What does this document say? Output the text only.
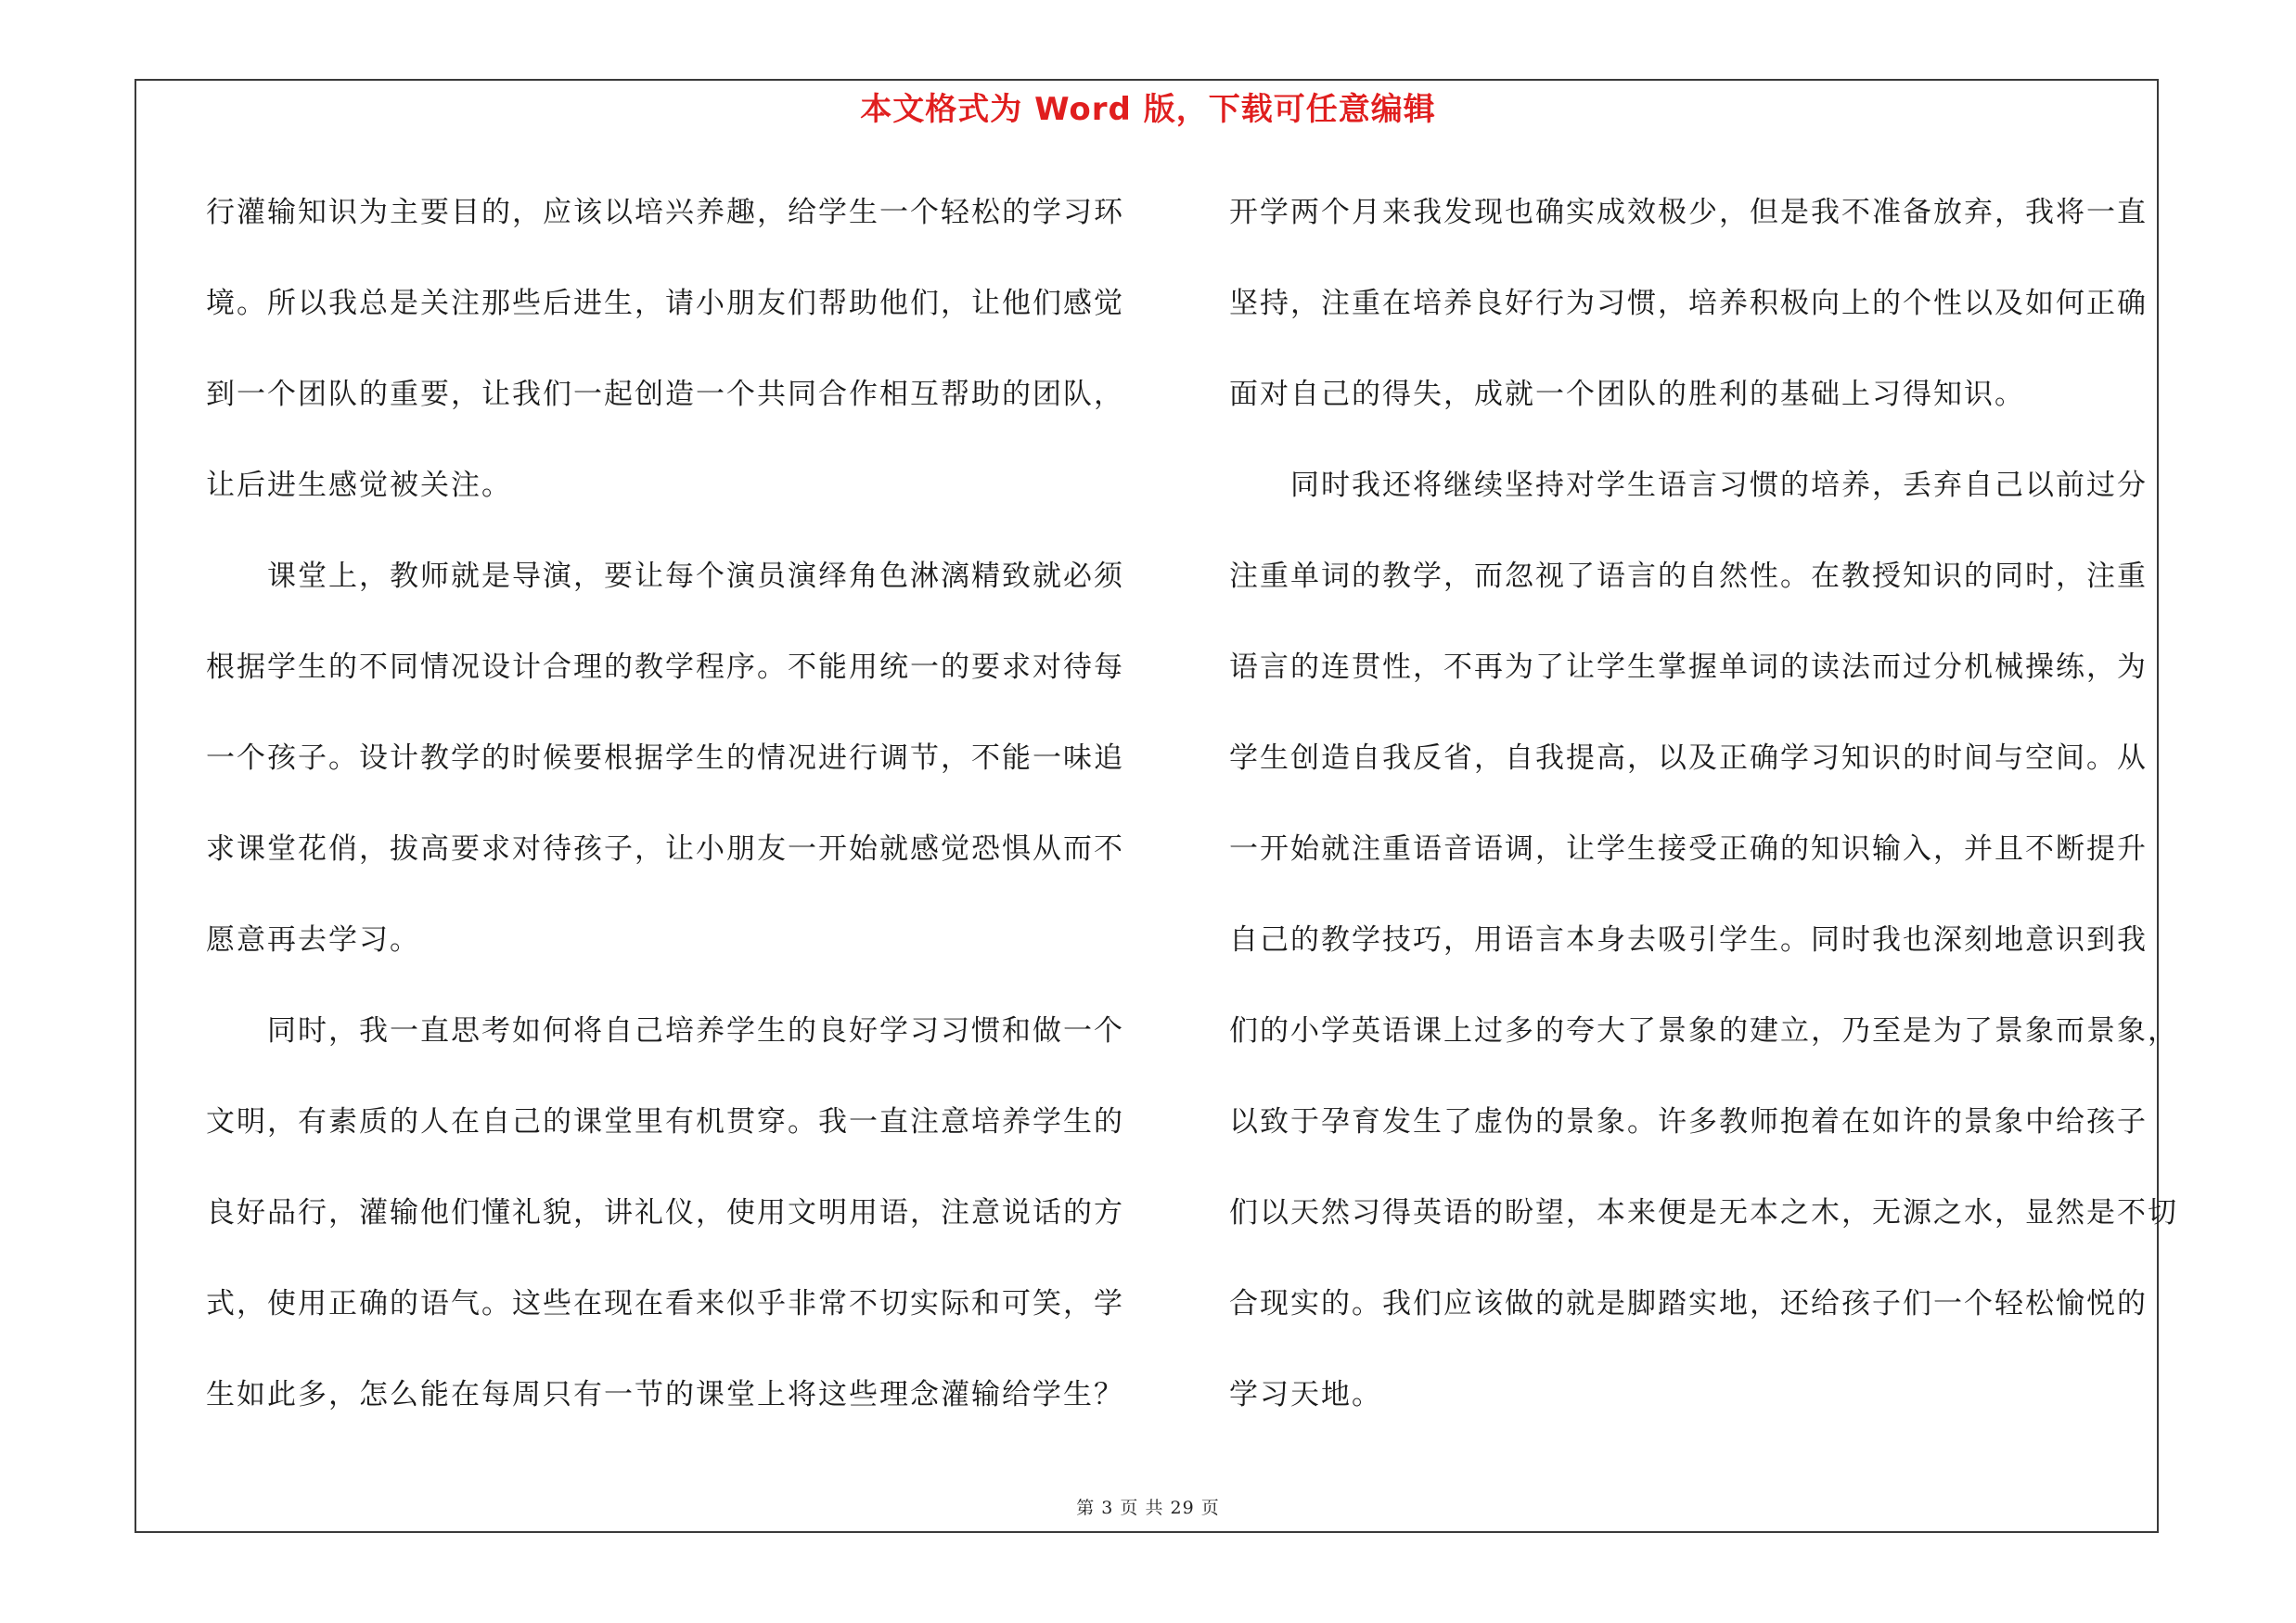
本文格式为 Word 版，下载可任意编辑
行灌输知识为主要目的，应该以培兴养趣，给学生一个轻松的学习环
境。所以我总是关注那些后进生，请小朋友们帮助他们，让他们感觉
到一个团队的重要，让我们一起创造一个共同合作相互帮助的团队，
让后进生感觉被关注。
　　课堂上，教师就是导演，要让每个演员演绎角色淋漓精致就必须
根据学生的不同情况设计合理的教学程序。不能用统一的要求对待每
一个孩子。设计教学的时候要根据学生的情况进行调节，不能一味追
求课堂花俏，拔高要求对待孩子，让小朋友一开始就感觉恐惧从而不
愿意再去学习。
　　同时，我一直思考如何将自己培养学生的良好学习习惯和做一个
文明，有素质的人在自己的课堂里有机贯穿。我一直注意培养学生的
良好品行，灌输他们懂礼貌，讲礼仪，使用文明用语，注意说话的方
式，使用正确的语气。这些在现在看来似乎非常不切实际和可笑，学
生如此多，怎么能在每周只有一节的课堂上将这些理念灌输给学生？
开学两个月来我发现也确实成效极少，但是我不准备放弃，我将一直
坚持，注重在培养良好行为习惯，培养积极向上的个性以及如何正确
面对自己的得失，成就一个团队的胜利的基础上习得知识。
　　同时我还将继续坚持对学生语言习惯的培养，丢弃自己以前过分
注重单词的教学，而忽视了语言的自然性。在教授知识的同时，注重
语言的连贯性，不再为了让学生掌握单词的读法而过分机械操练，为
学生创造自我反省，自我提高，以及正确学习知识的时间与空间。从
一开始就注重语音语调，让学生接受正确的知识输入，并且不断提升
自己的教学技巧，用语言本身去吸引学生。同时我也深刻地意识到我
们的小学英语课上过多的夸大了景象的建立，乃至是为了景象而景象，
以致于孕育发生了虚伪的景象。许多教师抱着在如许的景象中给孩子
们以天然习得英语的盼望，本来便是无本之木，无源之水，显然是不切
合现实的。我们应该做的就是脚踏实地，还给孩子们一个轻松愉悦的
学习天地。
第 3 页 共 29 页
